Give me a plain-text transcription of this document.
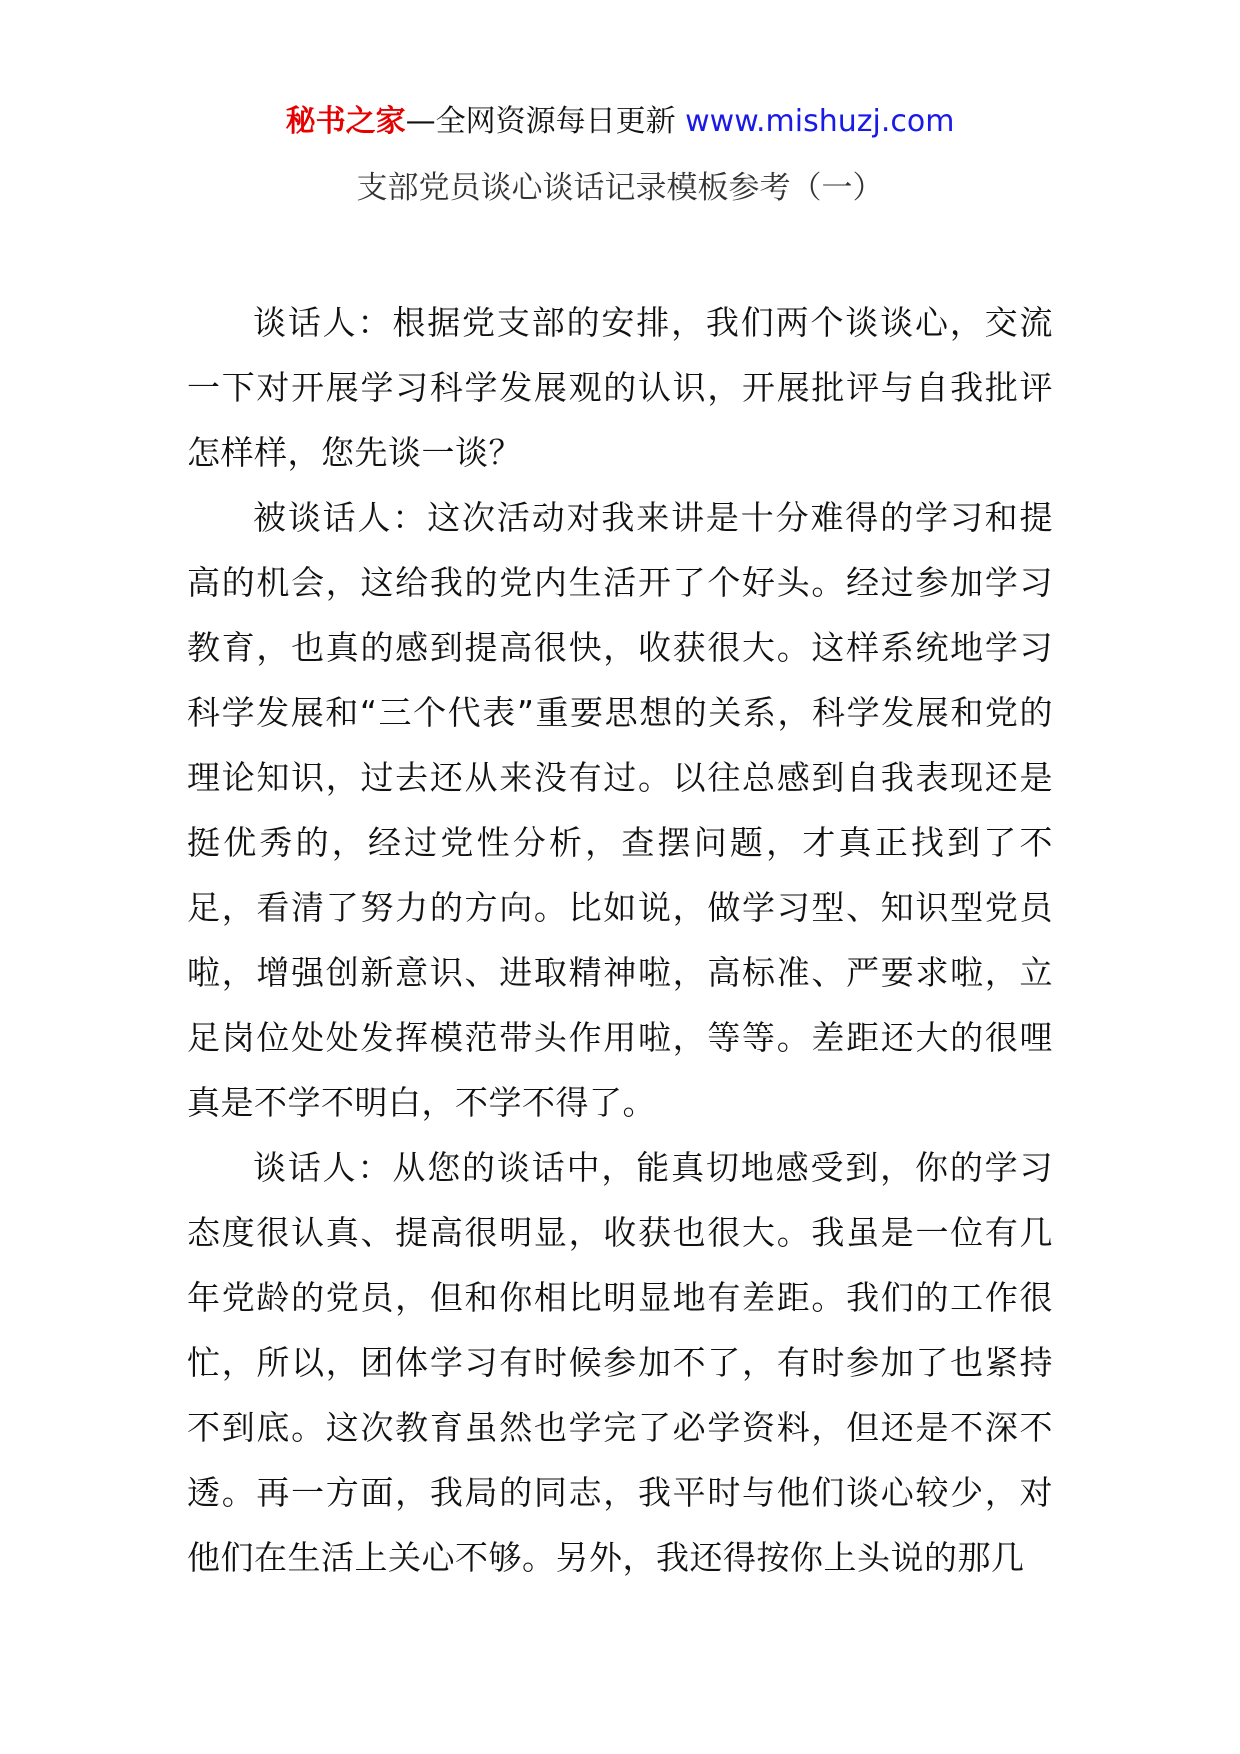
秘书之家—全网资源每日更新 www.mishuzj.com
支部党员谈心谈话记录模板参考（一）

谈话人：根据党支部的安排，我们两个谈谈心，交流一下对开展学习科学发展观的认识，开展批评与自我批评怎样样，您先谈一谈？

被谈话人：这次活动对我来讲是十分难得的学习和提高的机会，这给我的党内生活开了个好头。经过参加学习教育，也真的感到提高很快，收获很大。这样系统地学习科学发展和“三个代表”重要思想的关系，科学发展和党的理论知识，过去还从来没有过。以往总感到自我表现还是挺优秀的，经过党性分析，查摆问题，才真正找到了不足，看清了努力的方向。比如说，做学习型、知识型党员啦，增强创新意识、进取精神啦，高标准、严要求啦，立足岗位处处发挥模范带头作用啦，等等。差距还大的很哩真是不学不明白，不学不得了。

谈话人：从您的谈话中，能真切地感受到，你的学习态度很认真、提高很明显，收获也很大。我虽是一位有几年党龄的党员，但和你相比明显地有差距。我们的工作很忙，所以，团体学习有时候参加不了，有时参加了也紧持不到底。这次教育虽然也学完了必学资料，但还是不深不透。再一方面，我局的同志，我平时与他们谈心较少，对他们在生活上关心不够。另外，我还得按你上头说的那几
